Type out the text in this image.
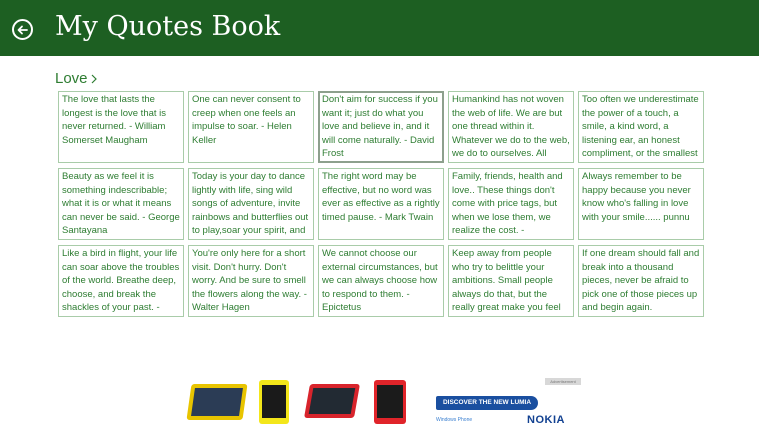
My Quotes Book
Love
The love that lasts the longest is the love that is never returned. - William Somerset Maugham
One can never consent to creep when one feels an impulse to soar. - Helen Keller
Don't aim for success if you want it; just do what you love and believe in, and it will come naturally. - David Frost
Humankind has not woven the web of life. We are but one thread within it. Whatever we do to the web, we do to ourselves. All
Too often we underestimate the power of a touch, a smile, a kind word, a listening ear, an honest compliment, or the smallest
Beauty as we feel it is something indescribable; what it is or what it means can never be said. - George Santayana
Today is your day to dance lightly with life, sing wild songs of adventure, invite rainbows and butterflies out to play,soar your spirit, and
The right word may be effective, but no word was ever as effective as a rightly timed pause. - Mark Twain
Family, friends, health and love.. These things don't come with price tags, but when we lose them, we realize the cost. -
Always remember to be happy because you never know who's falling in love with your smile...... punnu
Like a bird in flight, your life can soar above the troubles of the world. Breathe deep, choose, and break the shackles of your past. -
You're only here for a short visit. Don't hurry. Don't worry. And be sure to smell the flowers along the way. - Walter Hagen
We cannot choose our external circumstances, but we can always choose how to respond to them. - Epictetus
Keep away from people who try to belittle your ambitions. Small people always do that, but the really great make you feel
If one dream should fall and break into a thousand pieces, never be afraid to pick one of those pieces up and begin again.
Advertisement
DISCOVER THE NEW LUMIA
Windows Phone	NOKIA
